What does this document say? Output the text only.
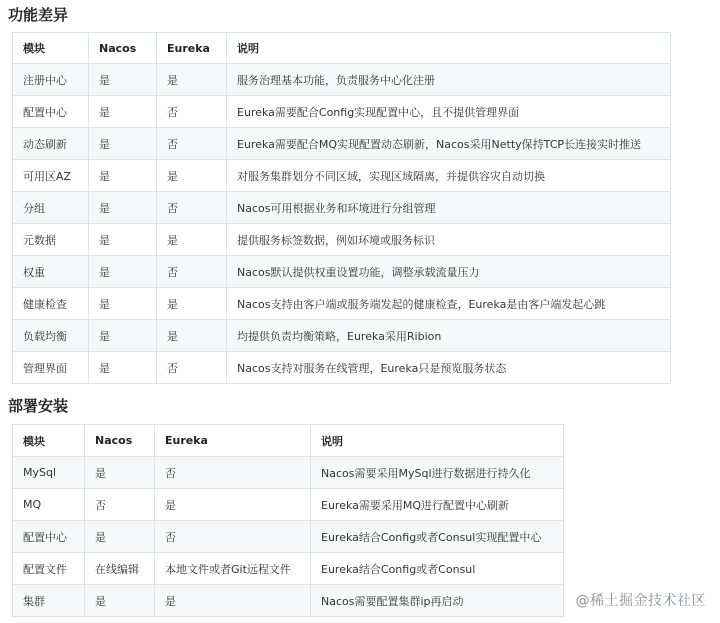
功能差异
模块	Nacos	Eureka	说明
注册中心	是	是	服务治理基本功能，负责服务中心化注册
配置中心	是	否	Eureka需要配合Config实现配置中心，且不提供管理界面
动态刷新	是	否	Eureka需要配合MQ实现配置动态刷新，Nacos采用Netty保持TCP长连接实时推送
可用区AZ	是	是	对服务集群划分不同区域，实现区域隔离，并提供容灾自动切换
分组	是	否	Nacos可用根据业务和环境进行分组管理
元数据	是	是	提供服务标签数据，例如环境或服务标识
权重	是	否	Nacos默认提供权重设置功能，调整承载流量压力
健康检查	是	是	Nacos支持由客户端或服务端发起的健康检查，Eureka是由客户端发起心跳
负载均衡	是	是	均提供负责均衡策略，Eureka采用Ribion
管理界面	是	否	Nacos支持对服务在线管理，Eureka只是预览服务状态
部署安装
模块	Nacos	Eureka	说明
MySql	是	否	Nacos需要采用MySql进行数据进行持久化
MQ	否	是	Eureka需要采用MQ进行配置中心刷新
配置中心	是	否	Eureka结合Config或者Consul实现配置中心
配置文件	在线编辑	本地文件或者Git远程文件	Eureka结合Config或者Consul
集群	是	是	Nacos需要配置集群ip再启动	@稀土掘金技术社区
